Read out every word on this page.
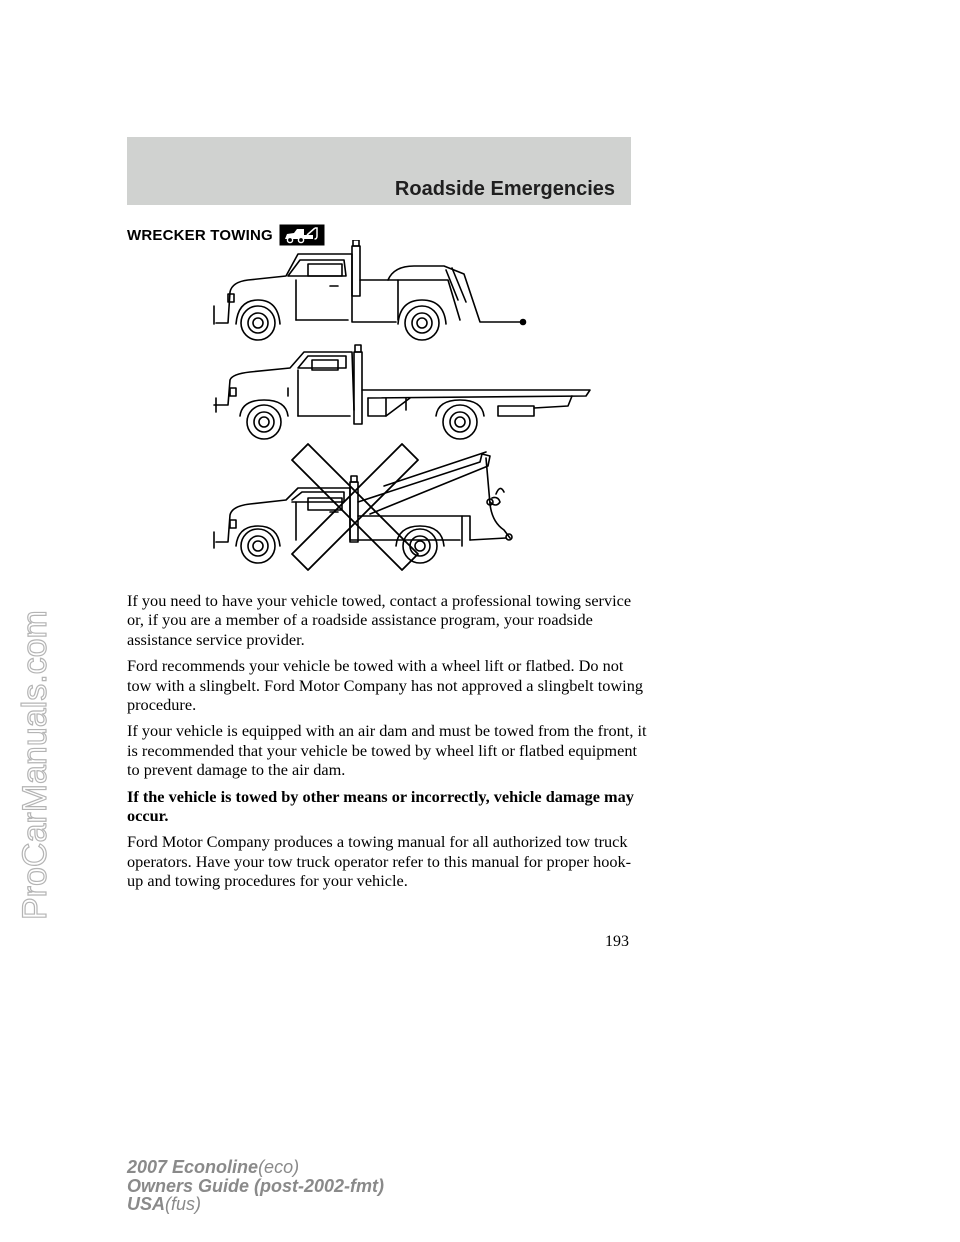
ProCarManuals.com
Roadside Emergencies
WRECKER TOWING

If you need to have your vehicle towed, contact a professional towing service or, if you are a member of a roadside assistance program, your roadside assistance service provider.

Ford recommends your vehicle be towed with a wheel lift or flatbed. Do not tow with a slingbelt. Ford Motor Company has not approved a slingbelt towing procedure.

If your vehicle is equipped with an air dam and must be towed from the front, it is recommended that your vehicle be towed by wheel lift or flatbed equipment to prevent damage to the air dam.

If the vehicle is towed by other means or incorrectly, vehicle damage may occur.

Ford Motor Company produces a towing manual for all authorized tow truck operators. Have your tow truck operator refer to this manual for proper hook-up and towing procedures for your vehicle.

193
2007 Econoline(eco)
Owners Guide (post-2002-fmt)
USA(fus)
